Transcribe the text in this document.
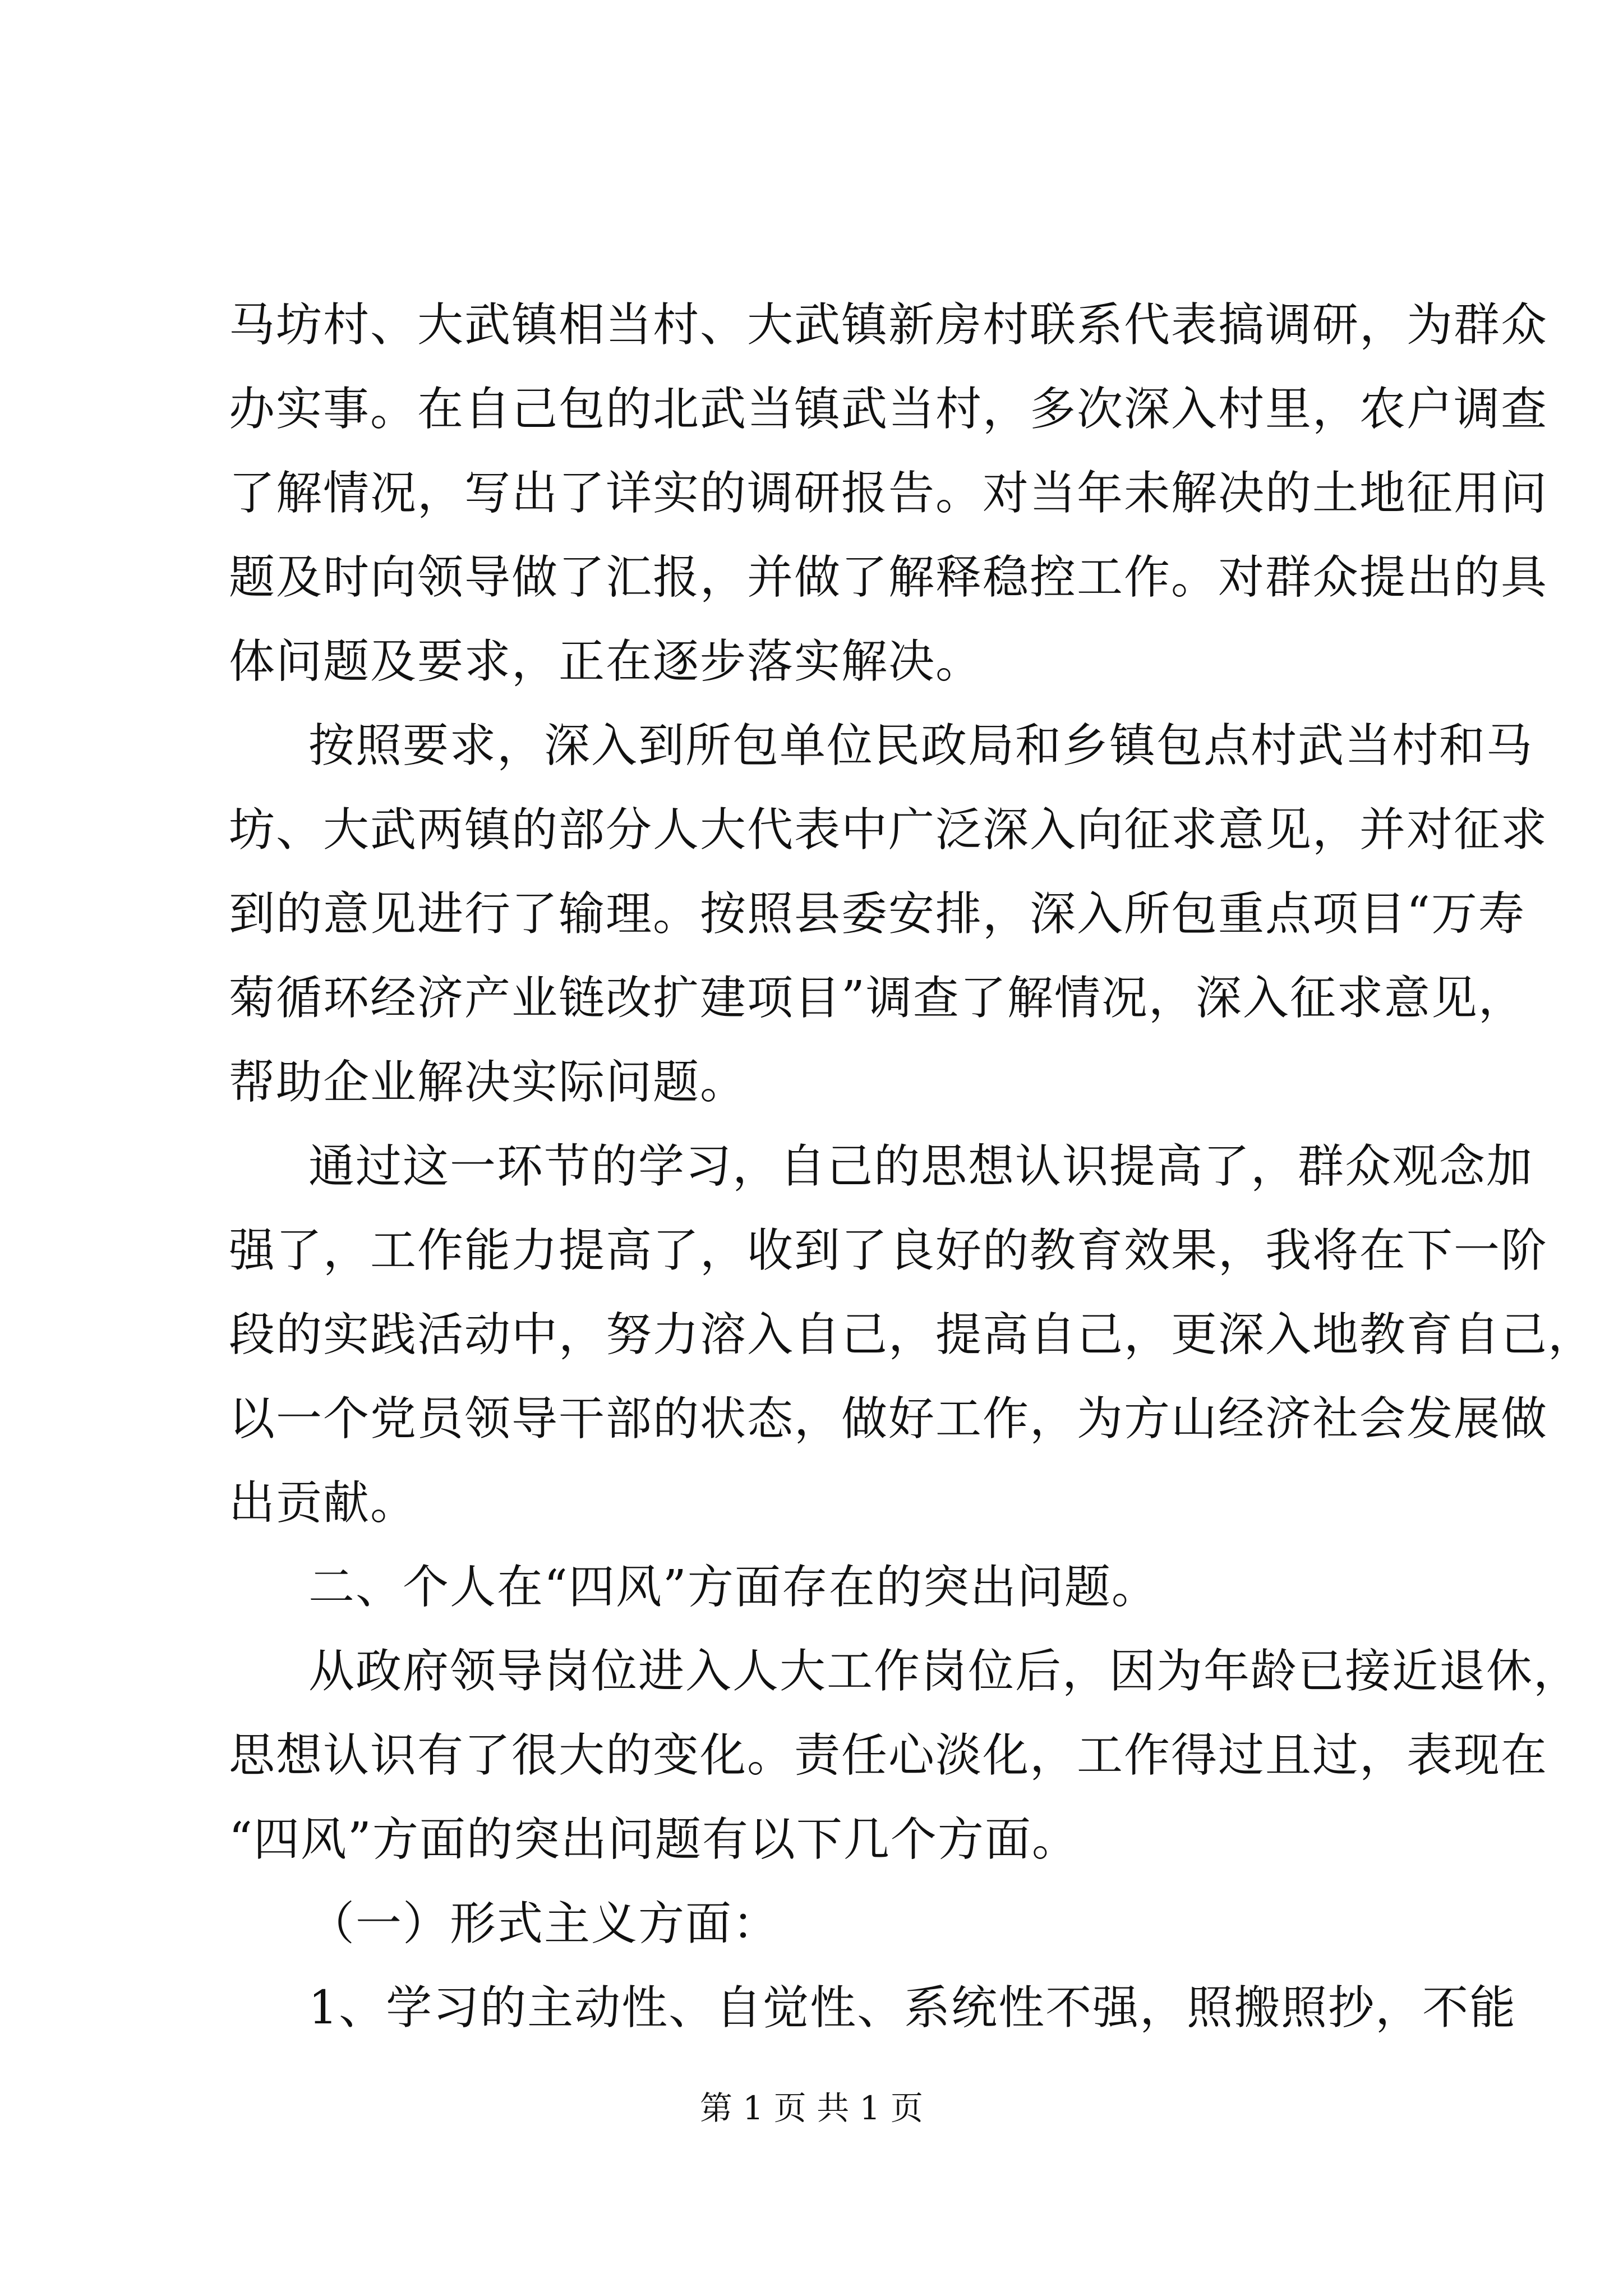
马坊村、大武镇相当村、大武镇新房村联系代表搞调研，为群众
办实事。在自己包的北武当镇武当村，多次深入村里，农户调查
了解情况，写出了详实的调研报告。对当年未解决的土地征用问
题及时向领导做了汇报，并做了解释稳控工作。对群众提出的具
体问题及要求，正在逐步落实解决。
按照要求，深入到所包单位民政局和乡镇包点村武当村和马
坊、大武两镇的部分人大代表中广泛深入向征求意见，并对征求
到的意见进行了输理。按照县委安排，深入所包重点项目“万寿
菊循环经济产业链改扩建项目”调查了解情况，深入征求意见，
帮助企业解决实际问题。
通过这一环节的学习，自己的思想认识提高了，群众观念加
强了，工作能力提高了，收到了良好的教育效果，我将在下一阶
段的实践活动中，努力溶入自己，提高自己，更深入地教育自己，
以一个党员领导干部的状态，做好工作，为方山经济社会发展做
出贡献。
二、个人在“四风”方面存在的突出问题。
从政府领导岗位进入人大工作岗位后，因为年龄已接近退休，
思想认识有了很大的变化。责任心淡化，工作得过且过，表现在
“四风”方面的突出问题有以下几个方面。
（一）形式主义方面：
1、学习的主动性、自觉性、系统性不强，照搬照抄，不能
第 1 页 共 1 页
